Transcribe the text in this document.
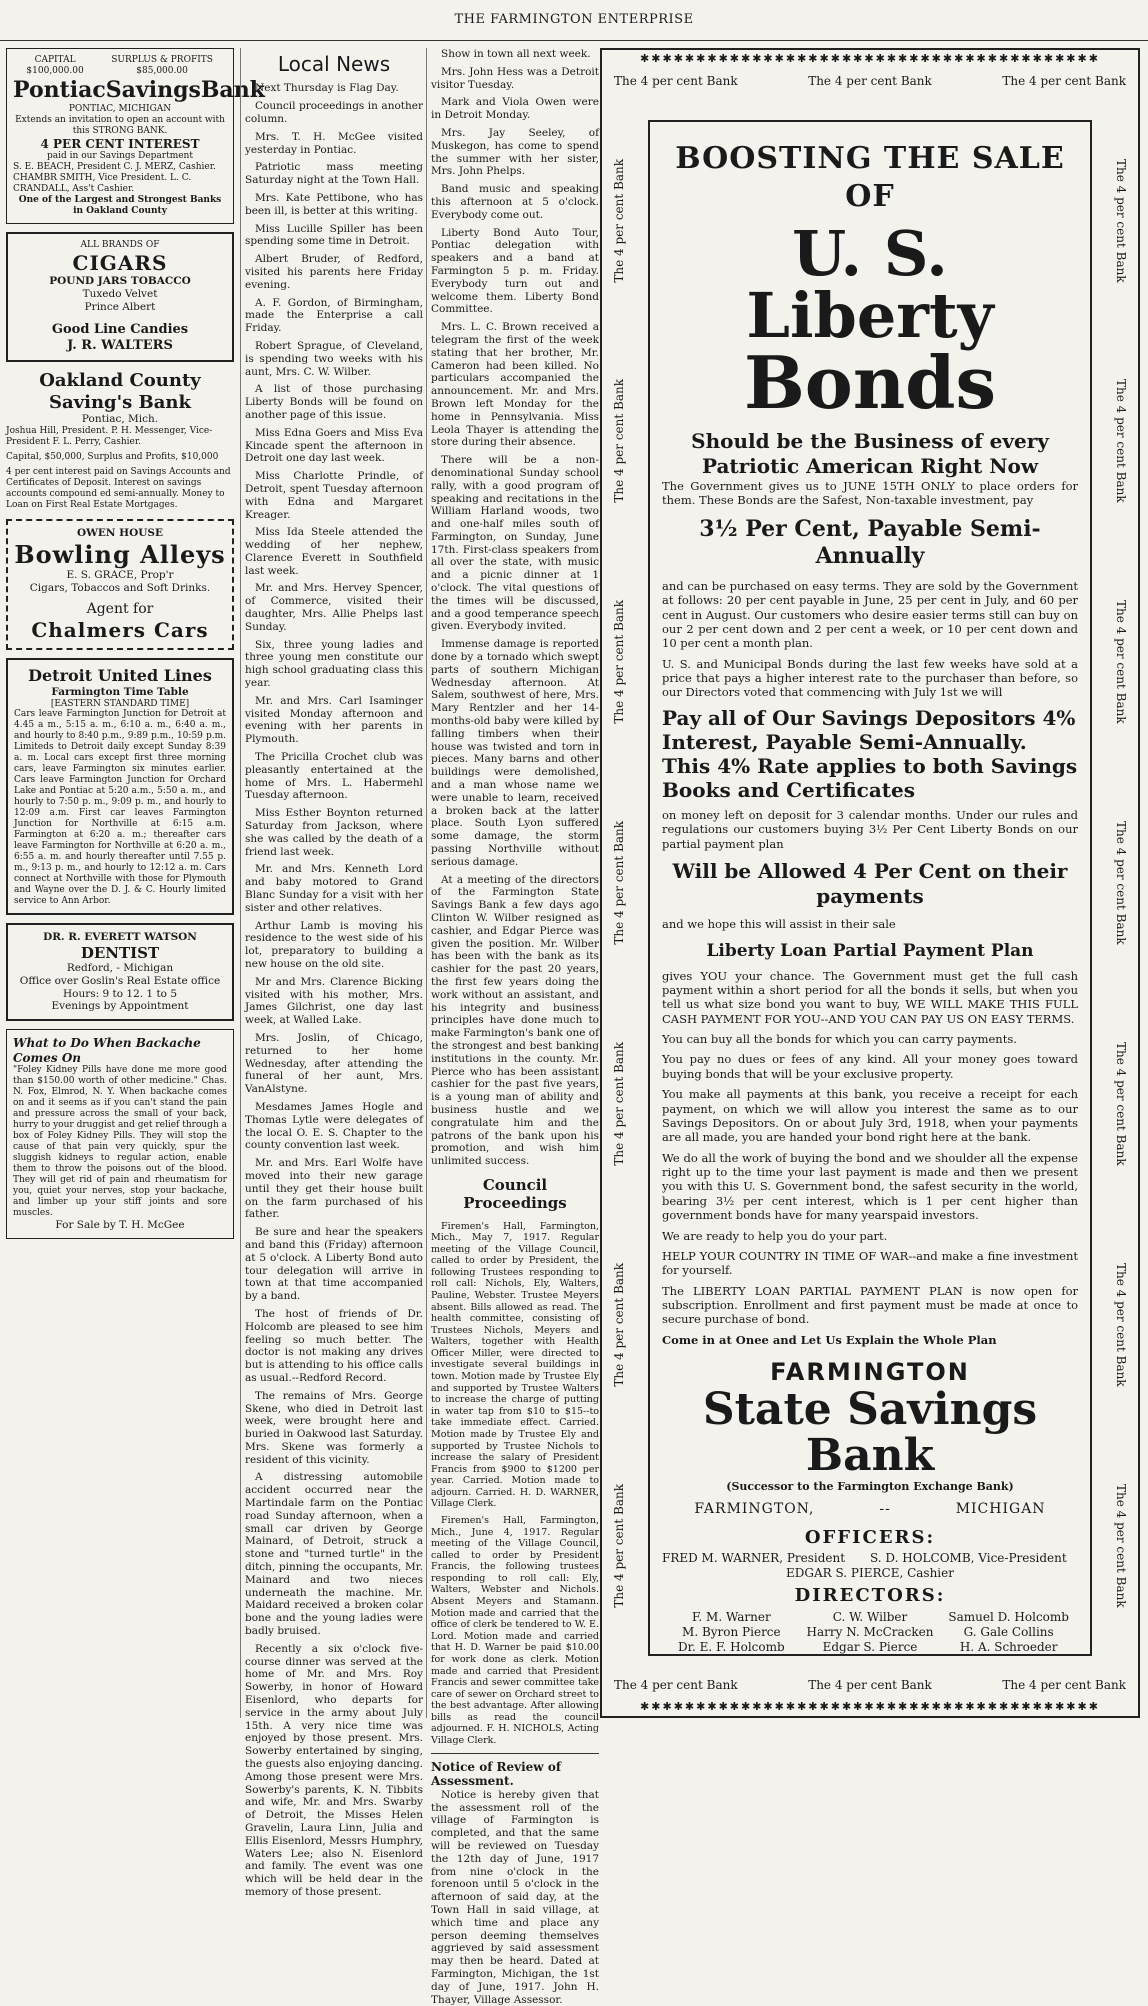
THE FARMINGTON ENTERPRISE
CAPITAL $100,000.00
SURPLUS & PROFITS $85,000.00
PontiacSavingsBank
PONTIAC, MICHIGAN
Extends an invitation to open an account with this STRONG BANK.
4 PER CENT INTEREST
paid in our Savings Department
S. E. BEACH, President C. J. MERZ, Cashier. CHAMBR SMITH, Vice President. L. C. CRANDALL, Ass't Cashier.
One of the Largest and Strongest Banks in Oakland County
ALL BRANDS OF
CIGARS
POUND JARS TOBACCO
Tuxedo Velvet
Prince Albert
Good Line Candies
J. R. WALTERS
Oakland County Saving's Bank
Pontiac, Mich.
Joshua Hill, President. P. H. Messenger, Vice-President F. L. Perry, Cashier.
Capital, $50,000, Surplus and Profits, $10,000
4 per cent interest paid on Savings Accounts and Certificates of Deposit. Interest on savings accounts compound ed semi-annually. Money to Loan on First Real Estate Mortgages.
OWEN HOUSE
Bowling Alleys
E. S. GRACE, Prop'r
Cigars, Tobaccos and Soft Drinks.
Agent for
Chalmers Cars
Detroit United Lines
Farmington Time Table
[EASTERN STANDARD TIME]
Cars leave Farmington Junction for Detroit at 4.45 a m., 5:15 a. m., 6:10 a. m., 6:40 a. m., and hourly to 8:40 p.m., 9:89 p.m., 10:59 p.m. Limiteds to Detroit daily except Sunday 8:39 a. m. Local cars except first three morning cars, leave Farmington six minutes earlier. Cars leave Farmington Junction for Orchard Lake and Pontiac at 5:20 a.m., 5:50 a. m., and hourly to 7:50 p. m., 9:09 p. m., and hourly to 12:09 a.m. First car leaves Farmington Junction for Northville at 6:15 a.m. Farmington at 6:20 a. m.; thereafter cars leave Farmington for Northville at 6:20 a. m., 6:55 a. m. and hourly thereafter until 7.55 p. m., 9:13 p. m., and hourly to 12:12 a. m. Cars connect at Northville with those for Plymouth and Wayne over the D. J. & C. Hourly limited service to Ann Arbor.
DR. R. EVERETT WATSON
DENTIST
Redford, - Michigan
Office over Goslin's Real Estate office
Hours: 9 to 12. 1 to 5
Evenings by Appointment
What to Do When Backache Comes On
"Foley Kidney Pills have done me more good than $150.00 worth of other medicine." Chas. N. Fox, Elmrod, N. Y. When backache comes on and it seems as if you can't stand the pain and pressure across the small of your back, hurry to your druggist and get relief through a box of Foley Kidney Pills. They will stop the cause of that pain very quickly, spur the sluggish kidneys to regular action, enable them to throw the poisons out of the blood. They will get rid of pain and rheumatism for you, quiet your nerves, stop your backache, and limber up your stiff joints and sore muscles.
For Sale by T. H. McGee
Local News

Next Thursday is Flag Day.

Council proceedings in another column.

Mrs. T. H. McGee visited yesterday in Pontiac.

Patriotic mass meeting Saturday night at the Town Hall.

Mrs. Kate Pettibone, who has been ill, is better at this writing.

Miss Lucille Spiller has been spending some time in Detroit.

Albert Bruder, of Redford, visited his parents here Friday evening.

A. F. Gordon, of Birmingham, made the Enterprise a call Friday.

Robert Sprague, of Cleveland, is spending two weeks with his aunt, Mrs. C. W. Wilber.

A list of those purchasing Liberty Bonds will be found on another page of this issue.

Miss Edna Goers and Miss Eva Kincade spent the afternoon in Detroit one day last week.

Miss Charlotte Prindle, of Detroit, spent Tuesday afternoon with Edna and Margaret Kreager.

Miss Ida Steele attended the wedding of her nephew, Clarence Everett in Southfield last week.

Mr. and Mrs. Hervey Spencer, of Commerce, visited their daughter, Mrs. Allie Phelps last Sunday.

Six, three young ladies and three young men constitute our high school graduating class this year.

Mr. and Mrs. Carl Isaminger visited Monday afternoon and evening with her parents in Plymouth.

The Pricilla Crochet club was pleasantly entertained at the home of Mrs. L. Habermehl Tuesday afternoon.

Miss Esther Boynton returned Saturday from Jackson, where she was called by the death of a friend last week.

Mr. and Mrs. Kenneth Lord and baby motored to Grand Blanc Sunday for a visit with her sister and other relatives.

Arthur Lamb is moving his residence to the west side of his lot, preparatory to building a new house on the old site.

Mr and Mrs. Clarence Bicking visited with his mother, Mrs. James Gilchrist, one day last week, at Walled Lake.

Mrs. Joslin, of Chicago, returned to her home Wednesday, after attending the funeral of her aunt, Mrs. VanAlstyne.

Mesdames James Hogle and Thomas Lytle were delegates of the local O. E. S. Chapter to the county convention last week.

Mr. and Mrs. Earl Wolfe have moved into their new garage until they get their house built on the farm purchased of his father.

Be sure and hear the speakers and band this (Friday) afternoon at 5 o'clock. A Liberty Bond auto tour delegation will arrive in town at that time accompanied by a band.

The host of friends of Dr. Holcomb are pleased to see him feeling so much better. The doctor is not making any drives but is attending to his office calls as usual.--Redford Record.

The remains of Mrs. George Skene, who died in Detroit last week, were brought here and buried in Oakwood last Saturday. Mrs. Skene was formerly a resident of this vicinity.

A distressing automobile accident occurred near the Martindale farm on the Pontiac road Sunday afternoon, when a small car driven by George Mainard, of Detroit, struck a stone and "turned turtle" in the ditch, pinning the occupants, Mr. Mainard and two nieces underneath the machine. Mr. Maidard received a broken colar bone and the young ladies were badly bruised.

Recently a six o'clock five-course dinner was served at the home of Mr. and Mrs. Roy Sowerby, in honor of Howard Eisenlord, who departs for service in the army about July 15th. A very nice time was enjoyed by those present. Mrs. Sowerby entertained by singing, the guests also enjoying dancing. Among those present were Mrs. Sowerby's parents, K. N. Tibbits and wife, Mr. and Mrs. Swarby of Detroit, the Misses Helen Gravelin, Laura Linn, Julia and Ellis Eisenlord, Messrs Humphry, Waters Lee; also N. Eisenlord and family. The event was one which will be held dear in the memory of those present.

Show in town all next week.

Mrs. John Hess was a Detroit visitor Tuesday.

Mark and Viola Owen were in Detroit Monday.

Mrs. Jay Seeley, of Muskegon, has come to spend the summer with her sister, Mrs. John Phelps.

Band music and speaking this afternoon at 5 o'clock. Everybody come out.

Liberty Bond Auto Tour, Pontiac delegation with speakers and a band at Farmington 5 p. m. Friday. Everybody turn out and welcome them. Liberty Bond Committee.

Mrs. L. C. Brown received a telegram the first of the week stating that her brother, Mr. Cameron had been killed. No particulars accompanied the announcement. Mr. and Mrs. Brown left Monday for the home in Pennsylvania. Miss Leola Thayer is attending the store during their absence.

There will be a non-denominational Sunday school rally, with a good program of speaking and recitations in the William Harland woods, two and one-half miles south of Farmington, on Sunday, June 17th. First-class speakers from all over the state, with music and a picnic dinner at 1 o'clock. The vital questions of the times will be discussed, and a good temperance speech given. Everybody invited.

Immense damage is reported done by a tornado which swept parts of southern Michigan Wednesday afternoon. At Salem, southwest of here, Mrs. Mary Rentzler and her 14-months-old baby were killed by falling timbers when their house was twisted and torn in pieces. Many barns and other buildings were demolished, and a man whose name we were unable to learn, received a broken back at the latter place. South Lyon suffered some damage, the storm passing Northville without serious damage.

At a meeting of the directors of the Farmington State Savings Bank a few days ago Clinton W. Wilber resigned as cashier, and Edgar Pierce was given the position. Mr. Wilber has been with the bank as its cashier for the past 20 years, the first few years doing the work without an assistant, and his integrity and business principles have done much to make Farmington's bank one of the strongest and best banking institutions in the county. Mr. Pierce who has been assistant cashier for the past five years, is a young man of ability and business hustle and we congratulate him and the patrons of the bank upon his promotion, and wish him unlimited success.

Council Proceedings

Firemen's Hall, Farmington, Mich., May 7, 1917. Regular meeting of the Village Council, called to order by President, the following Trustees responding to roll call: Nichols, Ely, Walters, Pauline, Webster. Trustee Meyers absent. Bills allowed as read. The health committee, consisting of Trustees Nichols, Meyers and Walters, together with Health Officer Miller, were directed to investigate several buildings in town. Motion made by Trustee Ely and supported by Trustee Walters to increase the charge of putting in water tap from $10 to $15--to take immediate effect. Carried. Motion made by Trustee Ely and supported by Trustee Nichols to increase the salary of President Francis from $900 to $1200 per year. Carried. Motion made to adjourn. Carried. H. D. WARNER, Village Clerk.

Firemen's Hall, Farmington, Mich., June 4, 1917. Regular meeting of the Village Council, called to order by President Francis, the following trustees responding to roll call: Ely, Walters, Webster and Nichols. Absent Meyers and Stamann. Motion made and carried that the office of clerk be tendered to W. E. Lord. Motion made and carried that H. D. Warner be paid $10.00 for work done as clerk. Motion made and carried that President Francis and sewer committee take care of sewer on Orchard street to the best advantage. After allowing bills as read the council adjourned. F. H. NICHOLS, Acting Village Clerk.

Notice of Review of Assessment.

Notice is hereby given that the assessment roll of the village of Farmington is completed, and that the same will be reviewed on Tuesday the 12th day of June, 1917 from nine o'clock in the forenoon until 5 o'clock in the afternoon of said day, at the Town Hall in said village, at which time and place any person deeming themselves aggrieved by said assessment may then be heard. Dated at Farmington, Michigan, the 1st day of June, 1917. John H. Thayer, Village Assessor.

✱✱✱✱✱✱✱✱✱✱✱✱✱✱✱✱✱✱✱✱✱✱✱✱✱✱✱✱✱✱✱✱✱✱✱✱✱✱✱✱✱
✱✱✱✱✱✱✱✱✱✱✱✱✱✱✱✱✱✱✱✱✱✱✱✱✱✱✱✱✱✱✱✱✱✱✱✱✱✱✱✱✱
The 4 per cent Bank	The 4 per cent Bank	The 4 per cent Bank
The 4 per cent Bank	The 4 per cent Bank	The 4 per cent Bank
The 4 per cent Bank
The 4 per cent Bank
The 4 per cent Bank
The 4 per cent Bank
The 4 per cent Bank
The 4 per cent Bank
The 4 per cent Bank
The 4 per cent Bank
The 4 per cent Bank
The 4 per cent Bank
The 4 per cent Bank
The 4 per cent Bank
The 4 per cent Bank
The 4 per cent Bank
BOOSTING THE SALE OF
U. S. Liberty
Bonds
Should be the Business of every Patriotic American Right Now

The Government gives us to JUNE 15TH ONLY to place orders for them. These Bonds are the Safest, Non-taxable investment, pay

3½ Per Cent, Payable Semi-Annually

and can be purchased on easy terms. They are sold by the Government at follows: 20 per cent payable in June, 25 per cent in July, and 60 per cent in August. Our customers who desire easier terms still can buy on our 2 per cent down and 2 per cent a week, or 10 per cent down and 10 per cent a month plan.

U. S. and Municipal Bonds during the last few weeks have sold at a price that pays a higher interest rate to the purchaser than before, so our Directors voted that commencing with July 1st we will

Pay all of Our Savings Depositors 4% Interest, Payable Semi-Annually. This 4% Rate applies to both Savings Books and Certificates

on money left on deposit for 3 calendar months. Under our rules and regulations our customers buying 3½ Per Cent Liberty Bonds on our partial payment plan

Will be Allowed 4 Per Cent on their payments

and we hope this will assist in their sale

Liberty Loan Partial Payment Plan

gives YOU your chance. The Government must get the full cash payment within a short period for all the bonds it sells, but when you tell us what size bond you want to buy, WE WILL MAKE THIS FULL CASH PAYMENT FOR YOU--AND YOU CAN PAY US ON EASY TERMS.

You can buy all the bonds for which you can carry payments.

You pay no dues or fees of any kind. All your money goes toward buying bonds that will be your exclusive property.

You make all payments at this bank, you receive a receipt for each payment, on which we will allow you interest the same as to our Savings Depositors. On or about July 3rd, 1918, when your payments are all made, you are handed your bond right here at the bank.

We do all the work of buying the bond and we shoulder all the expense right up to the time your last payment is made and then we present you with this U. S. Government bond, the safest security in the world, bearing 3½ per cent interest, which is 1 per cent higher than government bonds have for many yearspaid investors.

We are ready to help you do your part.

HELP YOUR COUNTRY IN TIME OF WAR--and make a fine investment for yourself.

The LIBERTY LOAN PARTIAL PAYMENT PLAN is now open for subscription. Enrollment and first payment must be made at once to secure purchase of bond.

Come in at Onee and Let Us Explain the Whole Plan

FARMINGTON
State Savings Bank
(Successor to the Farmington Exchange Bank)
FARMINGTON,	--	MICHIGAN
OFFICERS:
FRED M. WARNER, President	S. D. HOLCOMB, Vice-President
EDGAR S. PIERCE, Cashier
DIRECTORS:
F. M. Warner	C. W. Wilber	Samuel D. Holcomb
M. Byron Pierce	Harry N. McCracken	G. Gale Collins
Dr. E. F. Holcomb	Edgar S. Pierce	H. A. Schroeder
